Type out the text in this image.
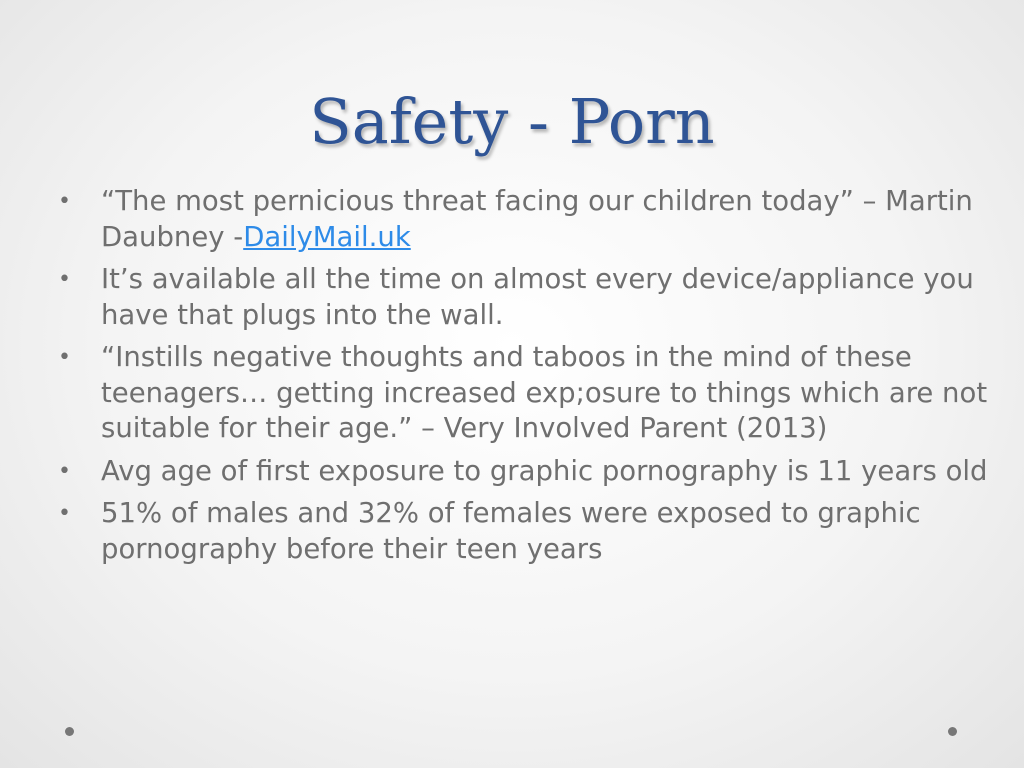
Safety - Porn
• “The most pernicious threat facing our children today” – Martin Daubney -DailyMail.uk
• It’s available all the time on almost every device/appliance you have that plugs into the wall.
• “Instills negative thoughts and taboos in the mind of these teenagers… getting increased exp;osure to things which are not suitable for their age.” – Very Involved Parent (2013)
• Avg age of first exposure to graphic pornography is 11 years old
• 51% of males and 32% of females were exposed to graphic pornography before their teen years
